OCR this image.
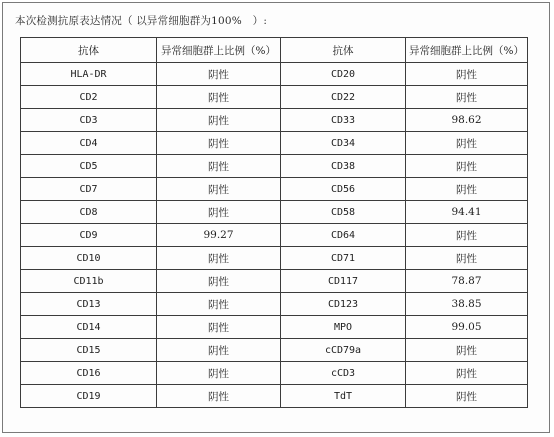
本次检测抗原表达情况（ 以异常细胞群为100%　）:
抗体	异常细胞群上比例（%）	抗体	异常细胞群上比例（%）
HLA-DR	阴性	CD20	阴性
CD2	阴性	CD22	阴性
CD3	阴性	CD33	98.62
CD4	阴性	CD34	阴性
CD5	阴性	CD38	阴性
CD7	阴性	CD56	阴性
CD8	阴性	CD58	94.41
CD9	99.27	CD64	阴性
CD10	阴性	CD71	阴性
CD11b	阴性	CD117	78.87
CD13	阴性	CD123	38.85
CD14	阴性	MPO	99.05
CD15	阴性	cCD79a	阴性
CD16	阴性	cCD3	阴性
CD19	阴性	TdT	阴性
